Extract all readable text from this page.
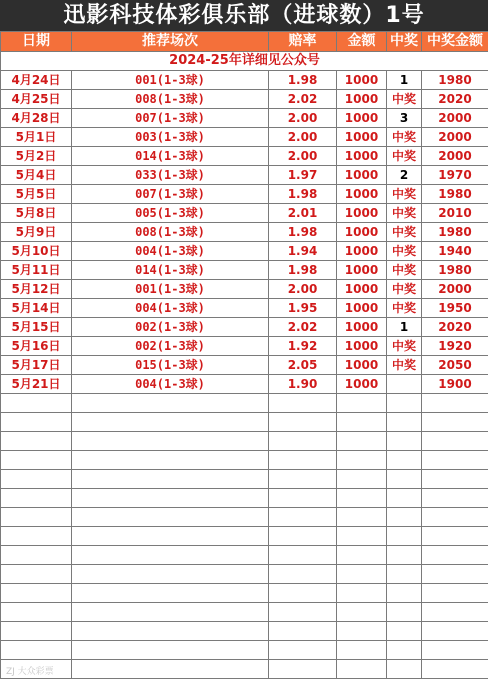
迅影科技体彩俱乐部（进球数）1号
日期	推荐场次	赔率	金额	中奖	中奖金额
2024-25年详细见公众号					
4月24日	001(1-3球)	1.98	1000	1	1980
4月25日	008(1-3球)	2.02	1000	中奖	2020
4月28日	007(1-3球)	2.00	1000	3	2000
5月1日	003(1-3球)	2.00	1000	中奖	2000
5月2日	014(1-3球)	2.00	1000	中奖	2000
5月4日	033(1-3球)	1.97	1000	2	1970
5月5日	007(1-3球)	1.98	1000	中奖	1980
5月8日	005(1-3球)	2.01	1000	中奖	2010
5月9日	008(1-3球)	1.98	1000	中奖	1980
5月10日	004(1-3球)	1.94	1000	中奖	1940
5月11日	014(1-3球)	1.98	1000	中奖	1980
5月12日	001(1-3球)	2.00	1000	中奖	2000
5月14日	004(1-3球)	1.95	1000	中奖	1950
5月15日	002(1-3球)	2.02	1000	1	2020
5月16日	002(1-3球)	1.92	1000	中奖	1920
5月17日	015(1-3球)	2.05	1000	中奖	2050
5月21日	004(1-3球)	1.90	1000		1900

ZJ 大众彩票
